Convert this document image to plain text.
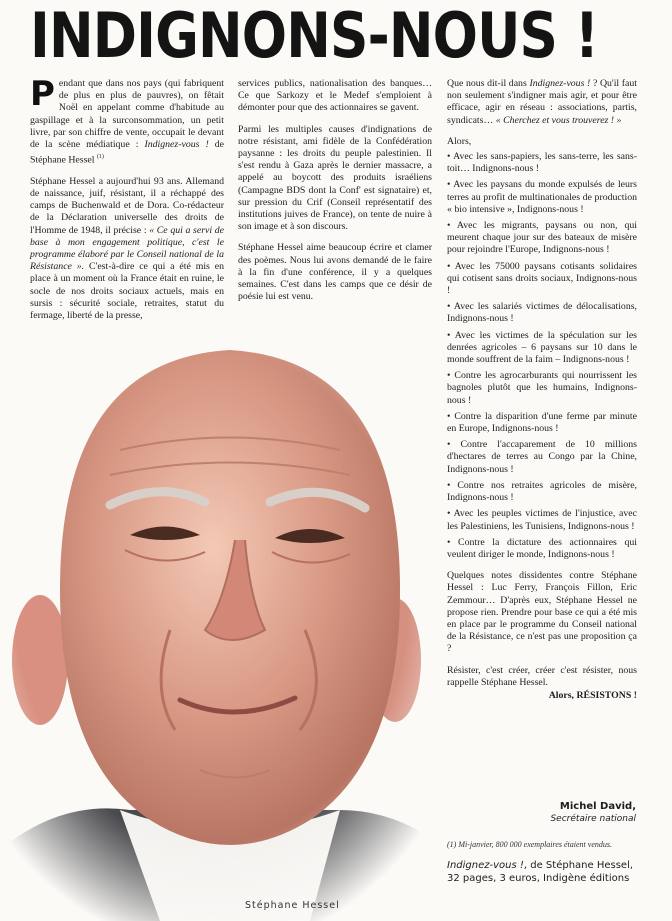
INDIGNONS-NOUS !

Pendant que dans nos pays (qui fabriquent de plus en plus de pauvres), on fêtait Noël en appelant comme d'habitude au gaspillage et à la surconsommation, un petit livre, par son chiffre de vente, occupait le devant de la scène médiatique : Indignez-vous ! de Stéphane Hessel $^{(1)}$

Stéphane Hessel a aujourd'hui 93 ans. Allemand de naissance, juif, résistant, il a réchappé des camps de Buchenwald et de Dora. Co-rédacteur de la Déclaration universelle des droits de l'Homme de 1948, il précise : « Ce qui a servi de base à mon engagement politique, c'est le programme élaboré par le Conseil national de la Résistance ». C'est-à-dire ce qui a été mis en place à un moment où la France était en ruine, le socle de nos droits sociaux actuels, mais en sursis : sécurité sociale, retraites, statut du fermage, liberté de la presse,

services publics, nationalisation des banques… Ce que Sarkozy et le Medef s'emploient à démonter pour que des actionnaires se gavent.

Parmi les multiples causes d'indignations de notre résistant, ami fidèle de la Confédération paysanne : les droits du peuple palestinien. Il s'est rendu à Gaza après le dernier massacre, a appelé au boycott des produits israéliens (Campagne BDS dont la Conf' est signataire) et, sur pression du Crif (Conseil représentatif des institutions juives de France), on tente de nuire à son image et à son discours.

Stéphane Hessel aime beaucoup écrire et clamer des poèmes. Nous lui avons demandé de le faire à la fin d'une conférence, il y a quelques semaines. C'est dans les camps que ce désir de poésie lui est venu.

Que nous dit-il dans Indignez-vous ! ? Qu'il faut non seulement s'indigner mais agir, et pour être efficace, agir en réseau : associations, partis, syndicats… « Cherchez et vous trouverez ! »

Alors,

• Avec les sans-papiers, les sans-terre, les sans-toit… Indignons-nous !
• Avec les paysans du monde expulsés de leurs terres au profit de multinationales de production « bio intensive », Indignons-nous !
• Avec les migrants, paysans ou non, qui meurent chaque jour sur des bateaux de misère pour rejoindre l'Europe, Indignons-nous !
• Avec les 75000 paysans cotisants solidaires qui cotisent sans droits sociaux, Indignons-nous !
• Avec les salariés victimes de délocalisations, Indignons-nous !
• Avec les victimes de la spéculation sur les denrées agricoles – 6 paysans sur 10 dans le monde souffrent de la faim – Indignons-nous !
• Contre les agrocarburants qui nourrissent les bagnoles plutôt que les humains, Indignons-nous !
• Contre la disparition d'une ferme par minute en Europe, Indignons-nous !
• Contre l'accaparement de 10 millions d'hectares de terres au Congo par la Chine, Indignons-nous !
• Contre nos retraites agricoles de misère, Indignons-nous !
• Avec les peuples victimes de l'injustice, avec les Palestiniens, les Tunisiens, Indignons-nous !
• Contre la dictature des actionnaires qui veulent diriger le monde, Indignons-nous !

Quelques notes dissidentes contre Stéphane Hessel : Luc Ferry, François Fillon, Eric Zemmour… D'après eux, Stéphane Hessel ne propose rien. Prendre pour base ce qui a été mis en place par le programme du Conseil national de la Résistance, ce n'est pas une proposition ça ?

Résister, c'est créer, créer c'est résister, nous rappelle Stéphane Hessel.

Alors, RÉSISTONS !
Michel David,
Secrétaire national
(1) Mi-janvier, 800 000 exemplaires étaient vendus.
Indignez-vous !, de Stéphane Hessel,
32 pages, 3 euros, Indigène éditions
Stéphane Hessel
